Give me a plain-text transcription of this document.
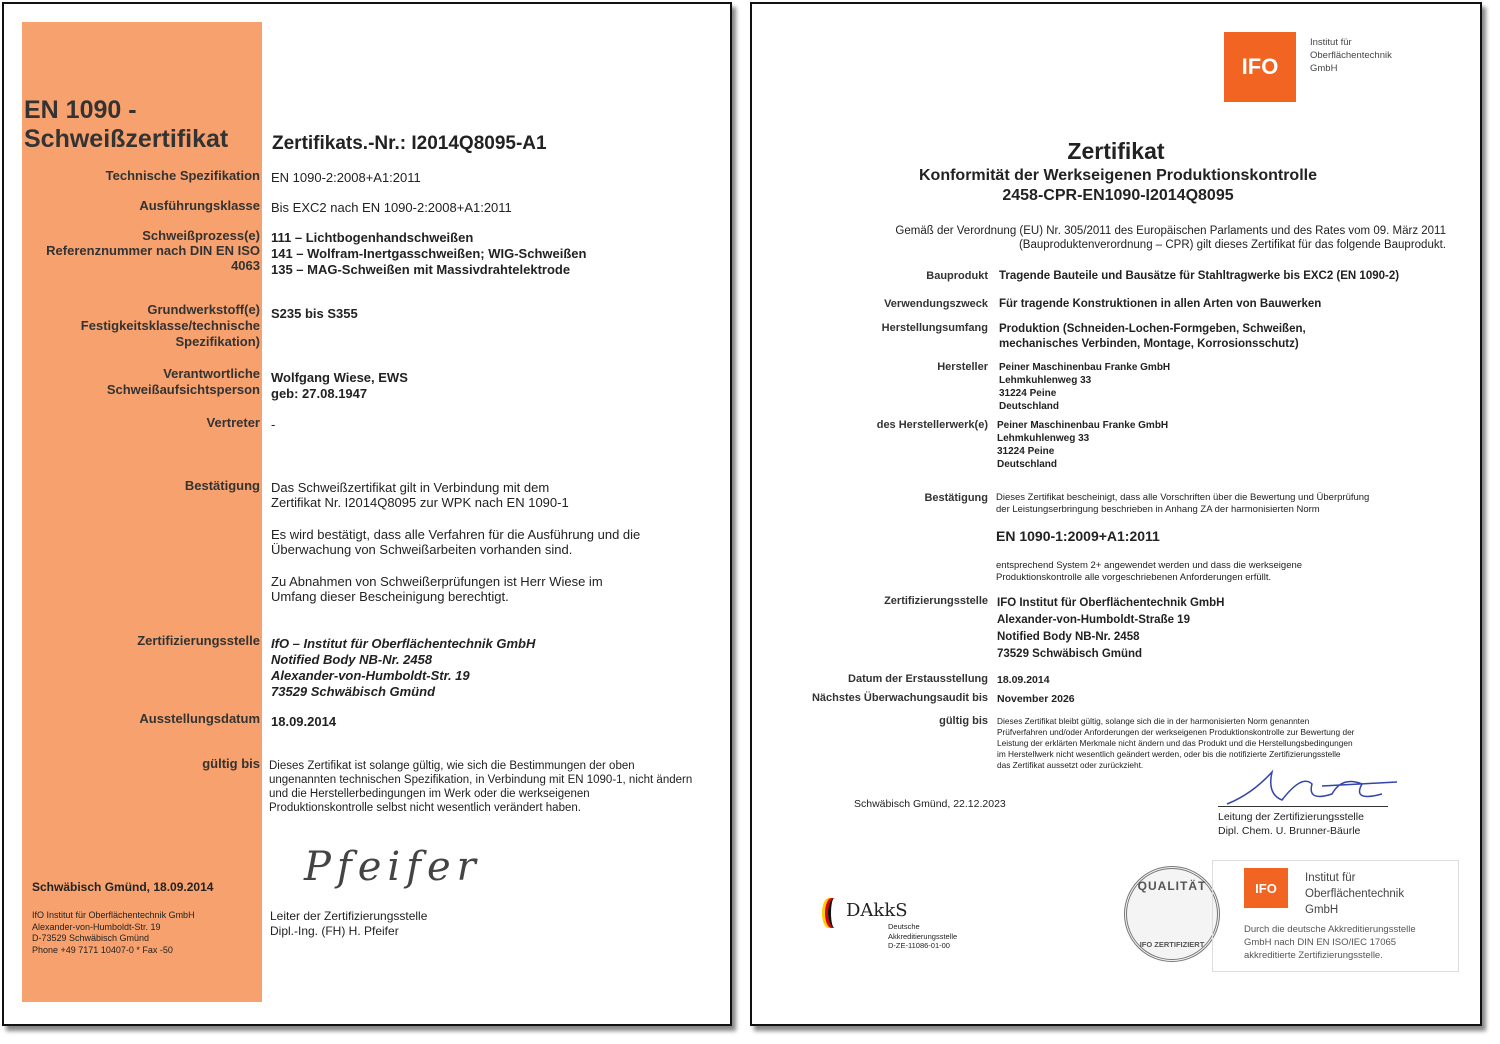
EN 1090 -
Schweißzertifikat Zertifikats.-Nr.: I2014Q8095-A1
Technische Spezifikation EN 1090-2:2008+A1:2011
Ausführungsklasse Bis EXC2 nach EN 1090-2:2008+A1:2011
Schweißprozess(e)
Referenznummer nach DIN EN ISO
4063
111 – Lichtbogenhandschweißen
141 – Wolfram-Inertgasschweißen; WIG-Schweißen
135 – MAG-Schweißen mit Massivdrahtelektrode
Grundwerkstoff(e)
Festigkeitsklasse/technische
Spezifikation)
S235 bis S355
Verantwortliche
Schweißaufsichtsperson
Wolfgang Wiese, EWS
geb: 27.08.1947
Vertreter -
Bestätigung Das Schweißzertifikat gilt in Verbindung mit dem
Zertifikat Nr. I2014Q8095 zur WPK nach EN 1090-1
Es wird bestätigt, dass alle Verfahren für die Ausführung und die
Überwachung von Schweißarbeiten vorhanden sind.
Zu Abnahmen von Schweißerprüfungen ist Herr Wiese im
Umfang dieser Bescheinigung berechtigt.
Zertifizierungsstelle IfO – Institut für Oberflächentechnik GmbH
Notified Body NB-Nr. 2458
Alexander-von-Humboldt-Str. 19
73529 Schwäbisch Gmünd
Ausstellungsdatum 18.09.2014
gültig bis Dieses Zertifikat ist solange gültig, wie sich die Bestimmungen der oben
ungenannten technischen Spezifikation, in Verbindung mit EN 1090-1, nicht ändern
und die Herstellerbedingungen im Werk oder die werkseigenen
Produktionskontrolle selbst nicht wesentlich verändert haben.
Schwäbisch Gmünd, 18.09.2014
IfO Institut für Oberflächentechnik GmbH
Alexander-von-Humboldt-Str. 19
D-73529 Schwäbisch Gmünd
Phone +49 7171 10407-0 * Fax -50
Pfeifer
Leiter der Zertifizierungsstelle
Dipl.-Ing. (FH) H. Pfeifer
IFO
Institut für
Oberflächentechnik
GmbH
Zertifikat
Konformität der Werkseigenen Produktionskontrolle
2458-CPR-EN1090-I2014Q8095
Gemäß der Verordnung (EU) Nr. 305/2011 des Europäischen Parlaments und des Rates vom 09. März 2011
(Bauproduktenverordnung – CPR) gilt dieses Zertifikat für das folgende Bauprodukt.
Bauprodukt Tragende Bauteile und Bausätze für Stahltragwerke bis EXC2 (EN 1090-2)
Verwendungszweck Für tragende Konstruktionen in allen Arten von Bauwerken
Herstellungsumfang Produktion (Schneiden-Lochen-Formgeben, Schweißen,
mechanisches Verbinden, Montage, Korrosionsschutz)
Hersteller Peiner Maschinenbau Franke GmbH
Lehmkuhlenweg 33
31224 Peine
Deutschland
des Herstellerwerk(e) Peiner Maschinenbau Franke GmbH
Lehmkuhlenweg 33
31224 Peine
Deutschland
Bestätigung Dieses Zertifikat bescheinigt, dass alle Vorschriften über die Bewertung und Überprüfung
der Leistungserbringung beschrieben in Anhang ZA der harmonisierten Norm
EN 1090-1:2009+A1:2011
entsprechend System 2+ angewendet werden und dass die werkseigene
Produktionskontrolle alle vorgeschriebenen Anforderungen erfüllt.
Zertifizierungsstelle IFO Institut für Oberflächentechnik GmbH
Alexander-von-Humboldt-Straße 19
Notified Body NB-Nr. 2458
73529 Schwäbisch Gmünd
Datum der Erstausstellung 18.09.2014
Nächstes Überwachungsaudit bis November 2026
gültig bis Dieses Zertifikat bleibt gültig, solange sich die in der harmonisierten Norm genannten
Prüfverfahren und/oder Anforderungen der werkseigenen Produktionskontrolle zur Bewertung der
Leistung der erklärten Merkmale nicht ändern und das Produkt und die Herstellungsbedingungen
im Herstellwerk nicht wesentlich geändert werden, oder bis die notifizierte Zertifizierungsstelle
das Zertifikat aussetzt oder zurückzieht.
Schwäbisch Gmünd, 22.12.2023
Leitung der Zertifizierungsstelle
Dipl. Chem. U. Brunner-Bäurle
DAkkS
Deutsche
Akkreditierungsstelle
D-ZE-11086-01-00
QUALITÄT
IFO ZERTIFIZIERT
IFO
Institut für
Oberflächentechnik
GmbH
Durch die deutsche Akkreditierungsstelle
GmbH nach DIN EN ISO/IEC 17065
akkreditierte Zertifizierungsstelle.
